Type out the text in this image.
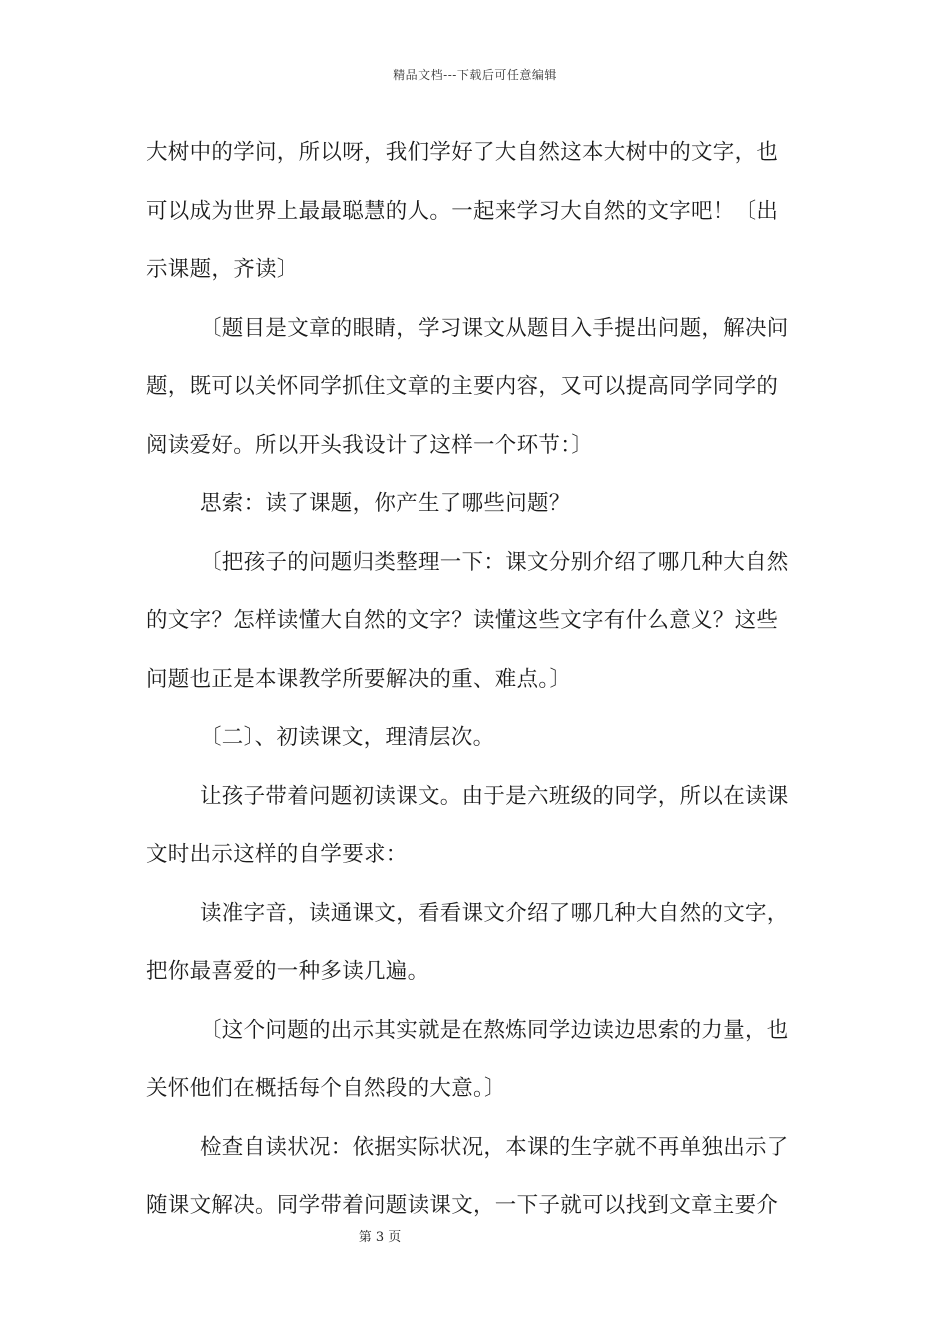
精品文档---下载后可任意编辑
大树中的学问，所以呀，我们学好了大自然这本大树中的文字，也
可以成为世界上最最聪慧的人。一起来学习大自然的文字吧！〔出
示课题，齐读〕
〔题目是文章的眼睛，学习课文从题目入手提出问题，解决问
题，既可以关怀同学抓住文章的主要内容，又可以提高同学同学的
阅读爱好。所以开头我设计了这样一个环节：〕
思索：读了课题，你产生了哪些问题？
〔把孩子的问题归类整理一下：课文分别介绍了哪几种大自然
的文字？怎样读懂大自然的文字？读懂这些文字有什么意义？这些
问题也正是本课教学所要解决的重、难点。〕
〔二〕、初读课文，理清层次。
让孩子带着问题初读课文。由于是六班级的同学，所以在读课
文时出示这样的自学要求：
读准字音，读通课文，看看课文介绍了哪几种大自然的文字，
把你最喜爱的一种多读几遍。
〔这个问题的出示其实就是在熬炼同学边读边思索的力量，也
关怀他们在概括每个自然段的大意。〕
检查自读状况：依据实际状况，本课的生字就不再单独出示了
随课文解决。同学带着问题读课文，一下子就可以找到文章主要介
第 3 页
